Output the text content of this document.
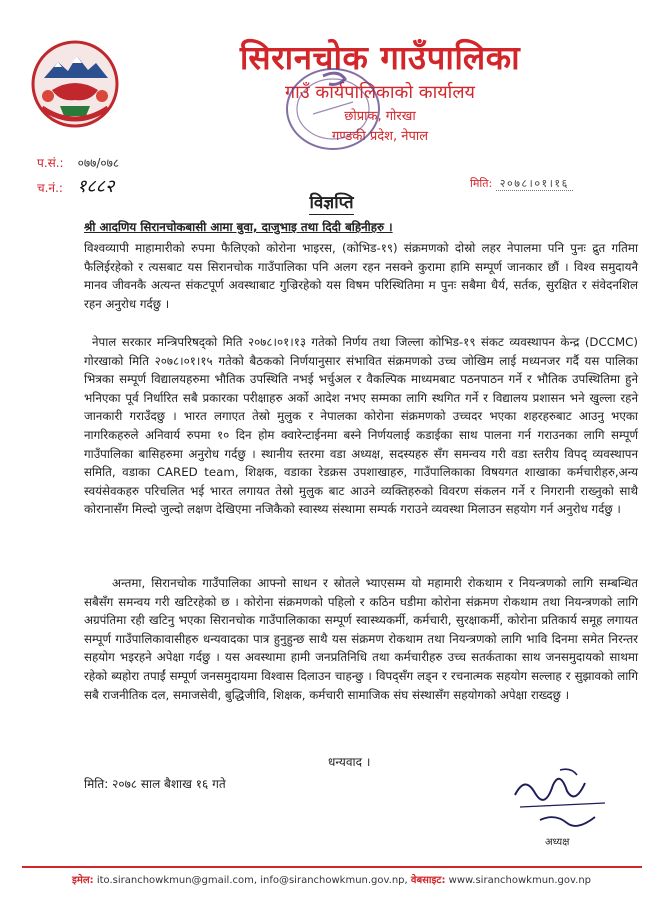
सिरानचोक गाउँपालिका
गाउँ कार्यपालिकाको कार्यालय
छोप्राक, गोरखा
गण्डकी प्रदेश, नेपाल
प.सं.: ०७७/०७८
च.नं.: १८८२	मिति: २०७८।०१।१६
विज्ञप्ति
श्री आदणिय सिरानचोकबासी आमा बुवा, दाजुभाइ तथा दिदी बहिनीहरु ।

विश्वव्यापी माहामारीको रुपमा फैलिएको कोरोना भाइरस, (कोभिड-१९) संक्रमणको दोस्रो लहर नेपालमा पनि पुनः द्रुत गतिमा फैलिईरहेको र त्यसबाट यस सिरानचोक गाउँपालिका पनि अलग रहन नसक्ने कुरामा हामि सम्पूर्ण जानकार छौं । विश्व समुदायनै मानव जीवनकै अत्यन्त संकटपूर्ण अवस्थाबाट गुज्रिरहेको यस विषम परिस्थितिमा म पुनः सबैमा धैर्य, सर्तक, सुरक्षित र संवेदनशिल रहन अनुरोध गर्दछु ।

नेपाल सरकार मन्त्रिपरिषद्को मिति २०७८।०१।१३ गतेको निर्णय तथा जिल्ला कोभिड-१९ संकट व्यवस्थापन केन्द्र (DCCMC) गोरखाको मिति २०७८।०१।१५ गतेको बैठकको निर्णयानुसार संभावित संक्रमणको उच्च जोखिम लाई मध्यनजर गर्दै यस पालिका भित्रका सम्पूर्ण विद्यालयहरुमा भौतिक उपस्थिति नभई भर्चुअल र वैकल्पिक माध्यमबाट पठनपाठन गर्ने र भौतिक उपस्थितिमा हुने भनिएका पूर्व निर्धारित सबै प्रकारका परीक्षाहरु अर्को आदेश नभए सम्मका लागि स्थगित गर्ने र विद्यालय प्रशासन भने खुल्ला रहने जानकारी गराउँदछु । भारत लगाएत तेस्रो मुलुक र नेपालका कोरोना संक्रमणको उच्चदर भएका शहरहरुबाट आउनु भएका नागरिकहरुले अनिवार्य रुपमा १० दिन होम क्वारेन्टाईनमा बस्ने निर्णयलाई कडाईका साथ पालना गर्न गराउनका लागि सम्पूर्ण गाउँपालिका बासिहरुमा अनुरोध गर्दछु । स्थानीय स्तरमा वडा अध्यक्ष, सदस्यहरु सँग समन्वय गरी वडा स्तरीय विपद् व्यवस्थापन समिति, वडाका CARED team, शिक्षक, वडाका रेडक्रस उपशाखाहरु, गाउँपालिकाका विषयगत शाखाका कर्मचारीहरु,अन्य स्वयंसेवकहरु परिचलित भई भारत लगायत तेस्रो मुलुक बाट आउने व्यक्तिहरुको विवरण संकलन गर्ने र निगरानी राख्नुको साथै कोरानासँग मिल्दो जुल्दो लक्षण देखिएमा नजिकैको स्वास्थ्य संस्थामा सम्पर्क गराउने व्यवस्था मिलाउन सहयोग गर्न अनुरोध गर्दछु ।

अन्तमा, सिरानचोक गाउँपालिका आफ्नो साधन र स्रोतले भ्याएसम्म यो महामारी रोकथाम र नियन्त्रणको लागि सम्बन्धित सबैसँग समन्वय गरी खटिरहेको छ । कोरोना संक्रमणको पहिलो र कठिन घडीमा कोरोना संक्रमण रोकथाम तथा नियन्त्रणको लागि अग्रपंतिमा रही खटिनु भएका सिरानचोक गाउँपालिकाका सम्पूर्ण स्वास्थ्यकर्मी, कर्मचारी, सुरक्षाकर्मी, कोरोना प्रतिकार्य समूह लगायत सम्पूर्ण गाउँपालिकावासीहरु धन्यवादका पात्र हुनुहुन्छ साथै यस संक्रमण रोकथाम तथा नियन्त्रणको लागि भावि दिनमा समेत निरन्तर सहयोग भइरहने अपेक्षा गर्दछु । यस अवस्थामा हामी जनप्रतिनिधि तथा कर्मचारीहरु उच्च सतर्कताका साथ जनसमुदायको साथमा रहेको ब्यहोरा तपाईं सम्पूर्ण जनसमुदायमा विश्वास दिलाउन चाहन्छु । विपद्सँग लड्न र रचनात्मक सहयोग सल्लाह र सुझावको लागि सबै राजनीतिक दल, समाजसेवी, बुद्धिजीवि, शिक्षक, कर्मचारी सामाजिक संघ संस्थासँग सहयोगको अपेक्षा राख्दछु ।

धन्यवाद ।
मिति: २०७८ साल बैशाख १६ गते
अध्यक्ष
इमेल: ito.siranchowkmun@gmail.com, info@siranchowkmun.gov.np, वेबसाइट: www.siranchowkmun.gov.np
